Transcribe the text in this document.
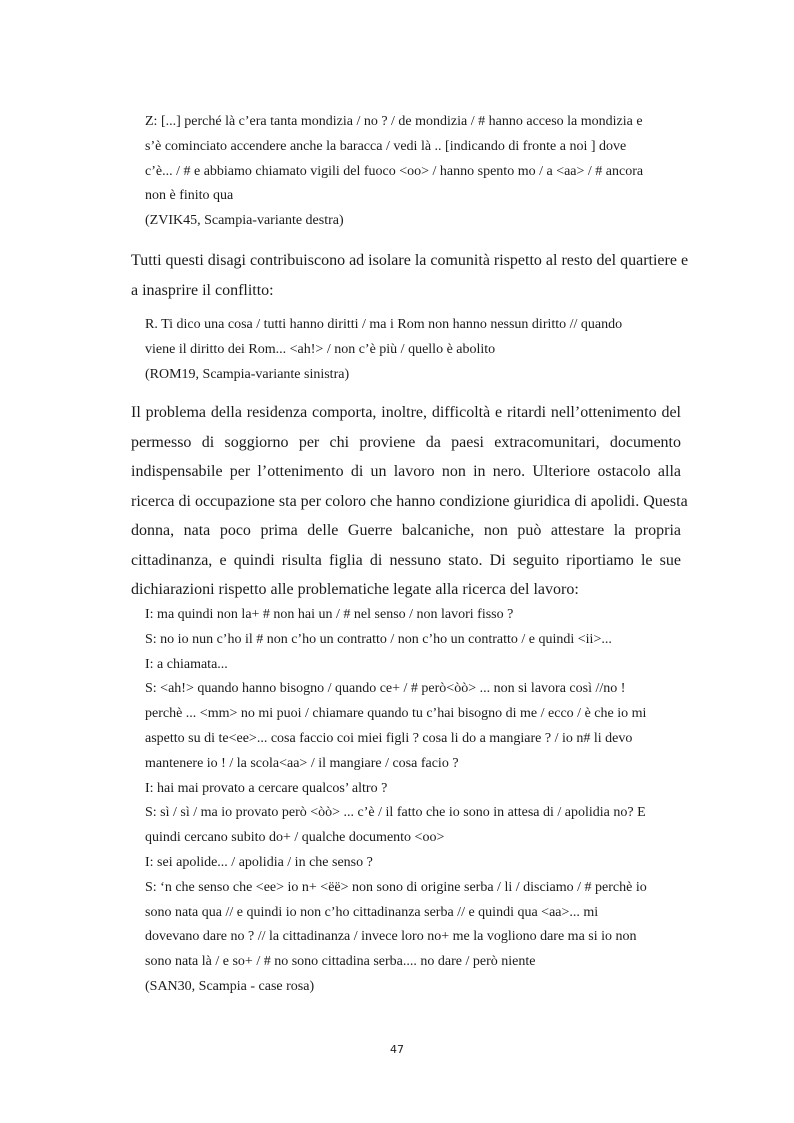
Z: [...] perché là c’era tanta mondizia / no ? / de mondizia / # hanno acceso la mondizia e
s’è cominciato accendere anche la baracca / vedi là .. [indicando di fronte a noi ] dove
c’è... / # e abbiamo chiamato vigili del fuoco <oo> / hanno spento mo / a <aa> / # ancora
non è finito qua
(ZVIK45, Scampia-variante destra)
Tutti questi disagi contribuiscono ad isolare la comunità rispetto al resto del quartiere e
a inasprire il conflitto:
R. Ti dico una cosa / tutti hanno diritti / ma i Rom non hanno nessun diritto // quando
viene il diritto dei Rom... <ah!> / non c’è più / quello è abolito
(ROM19, Scampia-variante sinistra)
Il problema della residenza comporta, inoltre, difficoltà e ritardi nell’ottenimento del
permesso di soggiorno per chi proviene da paesi extracomunitari, documento
indispensabile per l’ottenimento di un lavoro non in nero. Ulteriore ostacolo alla
ricerca di occupazione sta per coloro che hanno condizione giuridica di apolidi. Questa
donna, nata poco prima delle Guerre balcaniche, non può attestare la propria
cittadinanza, e quindi risulta figlia di nessuno stato. Di seguito riportiamo le sue
dichiarazioni rispetto alle problematiche legate alla ricerca del lavoro:
I: ma quindi non la+ # non hai un / # nel senso / non lavori fisso ?
S: no io nun c’ho il # non c’ho un contratto / non c’ho un contratto / e quindi <ii>...
I: a chiamata...
S: <ah!> quando hanno bisogno / quando ce+ / # però<òò> ... non si lavora così //no !
perchè ... <mm> no mi puoi / chiamare quando tu c’hai bisogno di me / ecco / è che io mi
aspetto su di te<ee>... cosa faccio coi miei figli ? cosa li do a mangiare ? / io n# li devo
mantenere io ! / la scola<aa> / il mangiare / cosa facio ?
I: hai mai provato a cercare qualcos’ altro ?
S: sì / sì / ma io provato però <òò> ... c’è / il fatto che io sono in attesa di / apolidia no? E
quindi cercano subito do+ / qualche documento <oo>
I: sei apolide... / apolidia / in che senso ?
S: ‘n che senso che <ee> io n+ <ëë> non sono di origine serba / li / disciamo / # perchè io
sono nata qua // e quindi io non c’ho cittadinanza serba // e quindi qua <aa>... mi
dovevano dare no ? // la cittadinanza / invece loro no+ me la vogliono dare ma si io non
sono nata là / e so+ / # no sono cittadina serba.... no dare / però niente
(SAN30, Scampia - case rosa)
47
